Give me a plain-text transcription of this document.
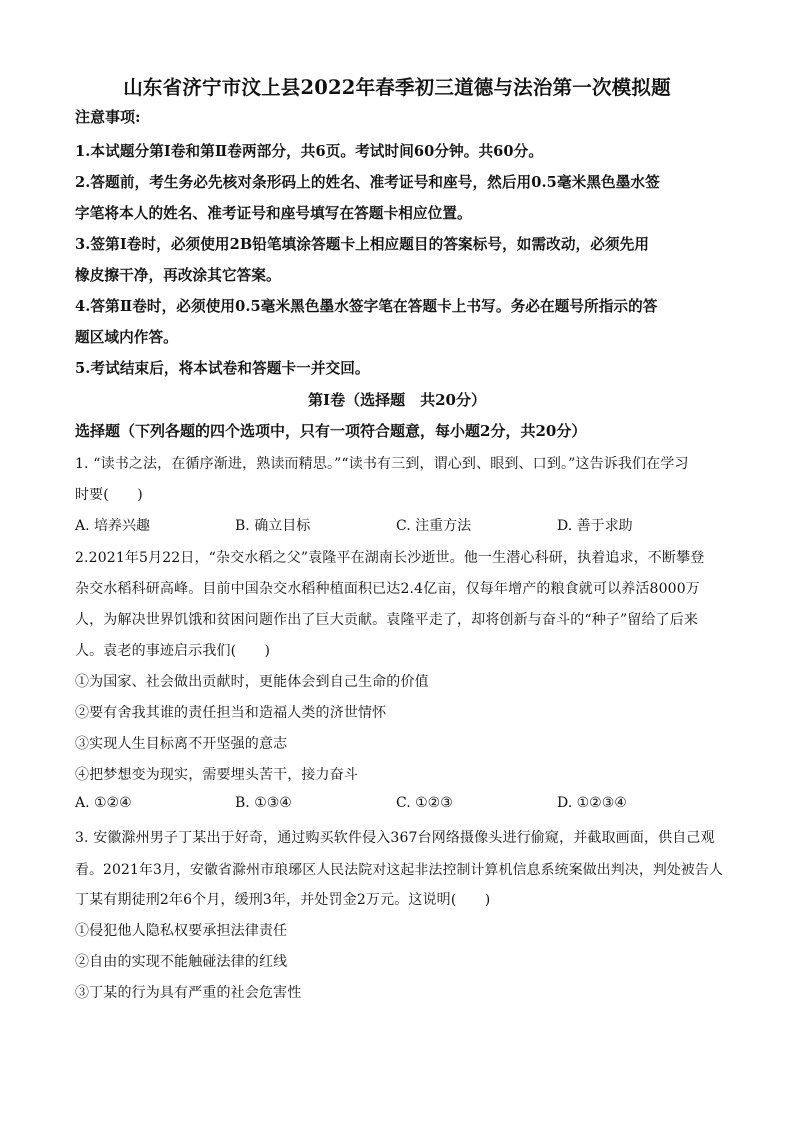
山东省济宁市汶上县2022年春季初三道德与法治第一次模拟题
注意事项:
1.本试题分第Ⅰ卷和第Ⅱ卷两部分，共6页。考试时间60分钟。共60分。
2.答题前，考生务必先核对条形码上的姓名、准考证号和座号，然后用0.5毫米黑色墨水签
字笔将本人的姓名、准考证号和座号填写在答题卡相应位置。
3.签第Ⅰ卷时，必须使用2B铅笔填涂答题卡上相应题目的答案标号，如需改动，必须先用
橡皮擦干净，再改涂其它答案。
4.答第Ⅱ卷时，必须使用0.5毫米黑色墨水签字笔在答题卡上书写。务必在题号所指示的答
题区域内作答。
5.考试结束后，将本试卷和答题卡一并交回。
第Ⅰ卷（选择题　共20分）
选择题（下列各题的四个选项中，只有一项符合题意，每小题2分，共20分）
1. “读书之法，在循序渐进，熟读而精思。”“读书有三到，谓心到、眼到、口到。”这告诉我们在学习
时要(　　)
A. 培养兴趣	B. 确立目标	C. 注重方法	D. 善于求助
2.2021年5月22日，“杂交水稻之父”袁隆平在湖南长沙逝世。他一生潜心科研，执着追求，不断攀登
杂交水稻科研高峰。目前中国杂交水稻种植面积已达2.4亿亩，仅每年增产的粮食就可以养活8000万
人，为解决世界饥饿和贫困问题作出了巨大贡献。袁隆平走了，却将创新与奋斗的“种子”留给了后来
人。袁老的事迹启示我们(　　)
①为国家、社会做出贡献时，更能体会到自己生命的价值
②要有舍我其谁的责任担当和造福人类的济世情怀
③实现人生目标离不开坚强的意志
④把梦想变为现实，需要埋头苦干，接力奋斗
A. ①②④	B. ①③④	C. ①②③	D. ①②③④
3. 安徽滁州男子丁某出于好奇，通过购买软件侵入367台网络摄像头进行偷窥，并截取画面，供自己观
看。2021年3月，安徽省滁州市琅琊区人民法院对这起非法控制计算机信息系统案做出判决，判处被告人
丁某有期徒刑2年6个月，缓刑3年，并处罚金2万元。这说明(　　)
①侵犯他人隐私权要承担法律责任
②自由的实现不能触碰法律的红线
③丁某的行为具有严重的社会危害性
